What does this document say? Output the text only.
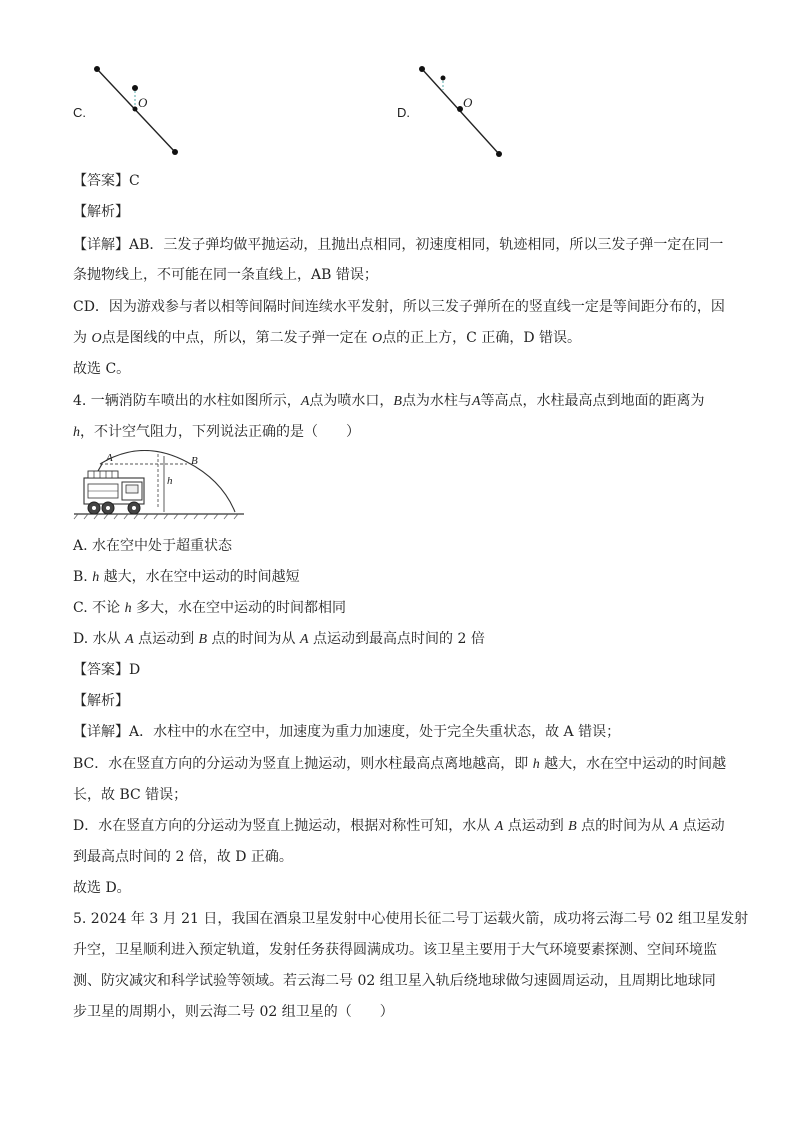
C.
O
D.
O
【答案】C
【解析】
【详解】AB．三发子弹均做平抛运动，且抛出点相同，初速度相同，轨迹相同，所以三发子弹一定在同一
条抛物线上，不可能在同一条直线上，AB 错误；
CD．因为游戏参与者以相等间隔时间连续水平发射，所以三发子弹所在的竖直线一定是等间距分布的，因
为 O点是图线的中点，所以，第二发子弹一定在 O点的正上方，C 正确，D 错误。
故选 C。
4. 一辆消防车喷出的水柱如图所示，A点为喷水口，B点为水柱与A等高点，水柱最高点到地面的距离为
h，不计空气阻力，下列说法正确的是（　　）
A	B
h
A. 水在空中处于超重状态
B. h 越大，水在空中运动的时间越短
C. 不论 h 多大，水在空中运动的时间都相同
D. 水从 A 点运动到 B 点的时间为从 A 点运动到最高点时间的 2 倍
【答案】D
【解析】
【详解】A．水柱中的水在空中，加速度为重力加速度，处于完全失重状态，故 A 错误；
BC．水在竖直方向的分运动为竖直上抛运动，则水柱最高点离地越高，即 h 越大，水在空中运动的时间越
长，故 BC 错误；
D．水在竖直方向的分运动为竖直上抛运动，根据对称性可知，水从 A 点运动到 B 点的时间为从 A 点运动
到最高点时间的 2 倍，故 D 正确。
故选 D。
5. 2024 年 3 月 21 日，我国在酒泉卫星发射中心使用长征二号丁运载火箭，成功将云海二号 02 组卫星发射
升空，卫星顺利进入预定轨道，发射任务获得圆满成功。该卫星主要用于大气环境要素探测、空间环境监
测、防灾减灾和科学试验等领域。若云海二号 02 组卫星入轨后绕地球做匀速圆周运动，且周期比地球同
步卫星的周期小，则云海二号 02 组卫星的（　　）
